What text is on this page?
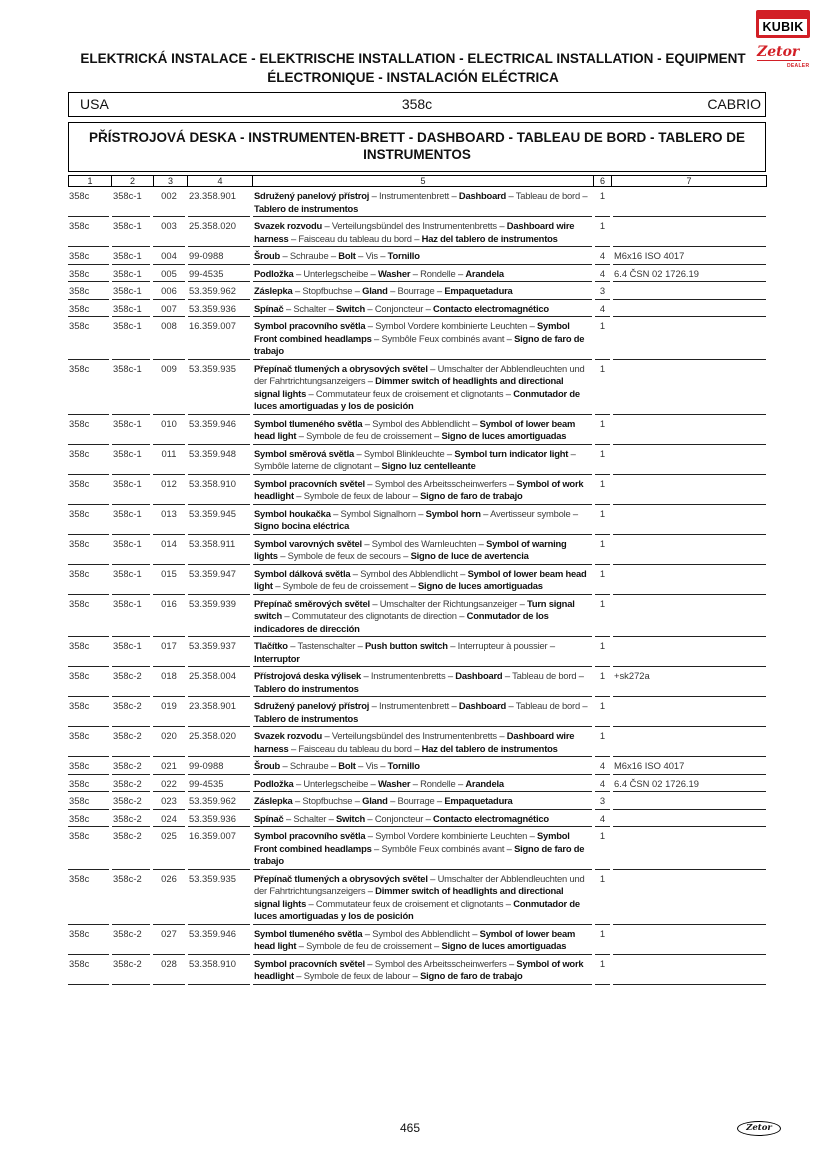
KUBIK
Zetor
DEALER
ELEKTRICKÁ INSTALACE - ELEKTRISCHE INSTALLATION - ELECTRICAL INSTALLATION - EQUIPMENT
ÉLECTRONIQUE - INSTALACIÓN ELÉCTRICA
USA	358c	CABRIO
PŘÍSTROJOVÁ DESKA - INSTRUMENTEN-BRETT - DASHBOARD - TABLEAU DE BORD - TABLERO DE INSTRUMENTOS
1	2	3	4	5	6	7
358c	358c-1	002	23.358.901	Sdružený panelový přístroj – Instrumentenbrett – Dashboard – Tableau de bord – Tablero de instrumentos	1	
358c	358c-1	003	25.358.020	Svazek rozvodu – Verteilungsbündel des Instrumentenbretts – Dashboard wire harness – Faisceau du tableau du bord – Haz del tablero de instrumentos	1	
358c	358c-1	004	99-0988	Šroub – Schraube – Bolt – Vis – Tornillo	4	M6x16 ISO 4017
358c	358c-1	005	99-4535	Podložka – Unterlegscheibe – Washer – Rondelle – Arandela	4	6.4 ČSN 02 1726.19
358c	358c-1	006	53.359.962	Záslepka – Stopfbuchse – Gland – Bourrage – Empaquetadura	3	
358c	358c-1	007	53.359.936	Spínač – Schalter – Switch – Conjoncteur – Contacto electromagnético	4	
358c	358c-1	008	16.359.007	Symbol pracovního světla – Symbol Vordere kombinierte Leuchten – Symbol Front combined headlamps – Symbôle Feux combinés avant – Signo de faro de trabajo	1	
358c	358c-1	009	53.359.935	Přepínač tlumených a obrysových světel – Umschalter der Abblendleuchten und der Fahrtrichtungsanzeigers – Dimmer switch of headlights and directional signal lights – Commutateur feux de croisement et clignotants – Conmutador de luces amortiguadas y los de posición	1	
358c	358c-1	010	53.359.946	Symbol tlumeného světla – Symbol des Abblendlicht – Symbol of lower beam head light – Symbole de feu de croissement – Signo de luces amortiguadas	1	
358c	358c-1	011	53.359.948	Symbol směrová světla – Symbol Blinkleuchte – Symbol turn indicator light – Symbôle laterne de clignotant – Signo luz centelleante	1	
358c	358c-1	012	53.358.910	Symbol pracovních světel – Symbol des Arbeitsscheinwerfers – Symbol of work headlight – Symbole de feux de labour – Signo de faro de trabajo	1	
358c	358c-1	013	53.359.945	Symbol houkačka – Symbol Signalhorn – Symbol horn – Avertisseur symbole – Signo bocina eléctrica	1	
358c	358c-1	014	53.358.911	Symbol varovných světel – Symbol des Warnleuchten – Symbol of warning lights – Symbole de feux de secours – Signo de luce de avertencia	1	
358c	358c-1	015	53.359.947	Symbol dálková světla – Symbol des Abblendlicht – Symbol of lower beam head light – Symbole de feu de croissement – Signo de luces amortiguadas	1	
358c	358c-1	016	53.359.939	Přepínač směrových světel – Umschalter der Richtungsanzeiger – Turn signal switch – Commutateur des clignotants de direction – Conmutador de los indicadores de dirección	1	
358c	358c-1	017	53.359.937	Tlačítko – Tastenschalter – Push button switch – Interrupteur à poussier – Interruptor	1	
358c	358c-2	018	25.358.004	Přístrojová deska výlisek – Instrumentenbretts – Dashboard – Tableau de bord – Tablero do instrumentos	1	+sk272a
358c	358c-2	019	23.358.901	Sdružený panelový přístroj – Instrumentenbrett – Dashboard – Tableau de bord – Tablero de instrumentos	1	
358c	358c-2	020	25.358.020	Svazek rozvodu – Verteilungsbündel des Instrumentenbretts – Dashboard wire harness – Faisceau du tableau du bord – Haz del tablero de instrumentos	1	
358c	358c-2	021	99-0988	Šroub – Schraube – Bolt – Vis – Tornillo	4	M6x16 ISO 4017
358c	358c-2	022	99-4535	Podložka – Unterlegscheibe – Washer – Rondelle – Arandela	4	6.4 ČSN 02 1726.19
358c	358c-2	023	53.359.962	Záslepka – Stopfbuchse – Gland – Bourrage – Empaquetadura	3	
358c	358c-2	024	53.359.936	Spínač – Schalter – Switch – Conjoncteur – Contacto electromagnético	4	
358c	358c-2	025	16.359.007	Symbol pracovního světla – Symbol Vordere kombinierte Leuchten – Symbol Front combined headlamps – Symbôle Feux combinés avant – Signo de faro de trabajo	1	
358c	358c-2	026	53.359.935	Přepínač tlumených a obrysových světel – Umschalter der Abblendleuchten und der Fahrtrichtungsanzeigers – Dimmer switch of headlights and directional signal lights – Commutateur feux de croisement et clignotants – Conmutador de luces amortiguadas y los de posición	1	
358c	358c-2	027	53.359.946	Symbol tlumeného světla – Symbol des Abblendlicht – Symbol of lower beam head light – Symbole de feu de croissement – Signo de luces amortiguadas	1	
358c	358c-2	028	53.358.910	Symbol pracovních světel – Symbol des Arbeitsscheinwerfers – Symbol of work headlight – Symbole de feux de labour – Signo de faro de trabajo	1	
465	Zetor
